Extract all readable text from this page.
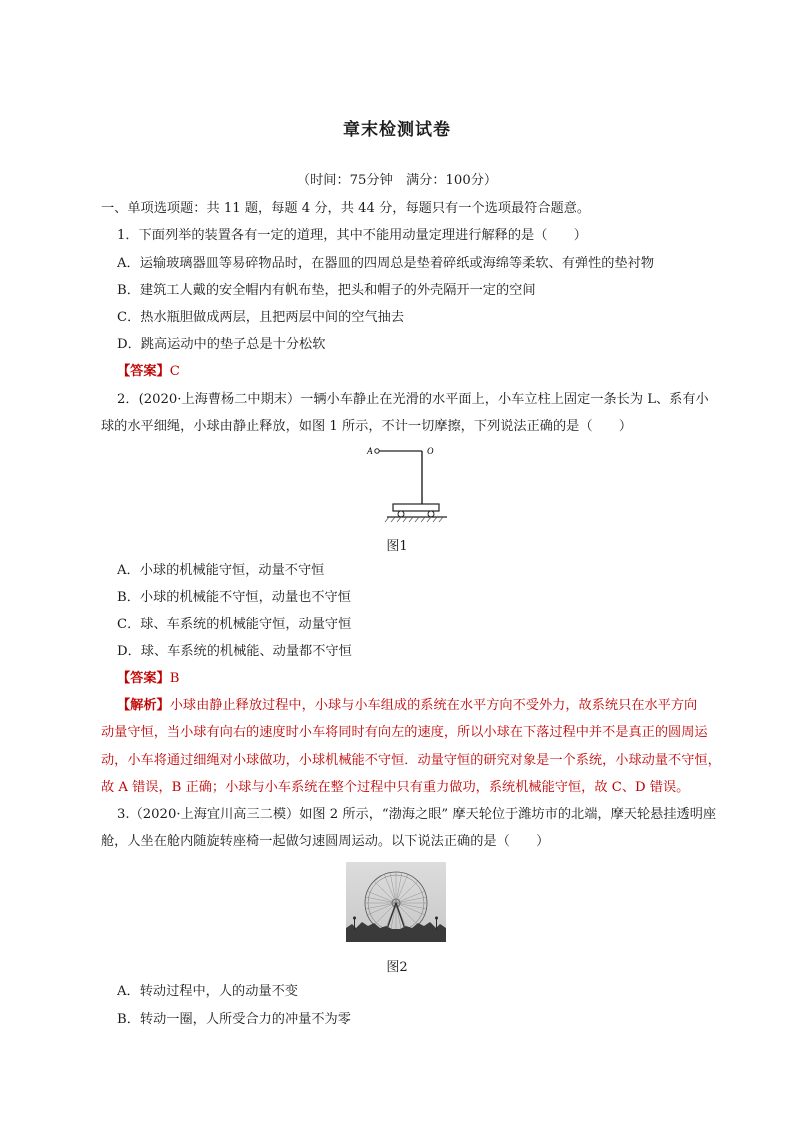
章末检测试卷
（时间：75分钟　满分：100分）
一、单项选项题：共 11 题，每题 4 分，共 44 分，每题只有一个选项最符合题意。
1．下面列举的装置各有一定的道理，其中不能用动量定理进行解释的是（　　）
A．运输玻璃器皿等易碎物品时，在器皿的四周总是垫着碎纸或海绵等柔软、有弹性的垫衬物
B．建筑工人戴的安全帽内有帆布垫，把头和帽子的外壳隔开一定的空间
C．热水瓶胆做成两层，且把两层中间的空气抽去
D．跳高运动中的垫子总是十分松软
【答案】C
2．(2020·上海曹杨二中期末）一辆小车静止在光滑的水平面上，小车立柱上固定一条长为 L、系有小
球的水平细绳，小球由静止释放，如图 1 所示，不计一切摩擦，下列说法正确的是（　　）
A	O
图1
A．小球的机械能守恒，动量不守恒
B．小球的机械能不守恒，动量也不守恒
C．球、车系统的机械能守恒，动量守恒
D．球、车系统的机械能、动量都不守恒
【答案】B
【解析】小球由静止释放过程中，小球与小车组成的系统在水平方向不受外力，故系统只在水平方向
动量守恒，当小球有向右的速度时小车将同时有向左的速度，所以小球在下落过程中并不是真正的圆周运
动，小车将通过细绳对小球做功，小球机械能不守恒．动量守恒的研究对象是一个系统，小球动量不守恒，
故 A 错误，B 正确；小球与小车系统在整个过程中只有重力做功，系统机械能守恒，故 C、D 错误。
3.（2020·上海宜川高三二模）如图 2 所示，“渤海之眼” 摩天轮位于潍坊市的北端，摩天轮悬挂透明座
舱，人坐在舱内随旋转座椅一起做匀速圆周运动。以下说法正确的是（　　）
图2
A．转动过程中，人的动量不变
B．转动一圈，人所受合力的冲量不为零
